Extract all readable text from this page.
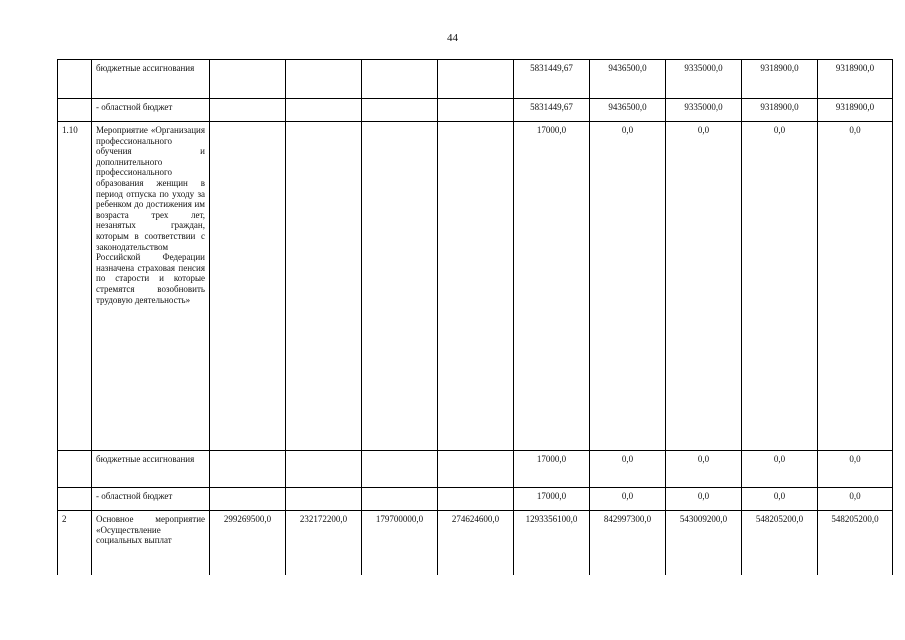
44
	бюджетные ассигнования					5831449,67	9436500,0	9335000,0	9318900,0	9318900,0
	- областной бюджет					5831449,67	9436500,0	9335000,0	9318900,0	9318900,0
1.10	Мероприятие «Организация профессионального обучения и дополнительного профессионального образования женщин в период отпуска по уходу за ребенком до достижения им возраста трех лет, незанятых граждан, которым в соответствии с законодательством Российской Федерации назначена страховая пенсия по старости и которые стремятся возобновить трудовую деятельность»					17000,0	0,0	0,0	0,0	0,0
	бюджетные ассигнования					17000,0	0,0	0,0	0,0	0,0
	- областной бюджет					17000,0	0,0	0,0	0,0	0,0
2	Основное мероприятие «Осуществление социальных выплат	299269500,0	232172200,0	179700000,0	274624600,0	1293356100,0	842997300,0	543009200,0	548205200,0	548205200,0
